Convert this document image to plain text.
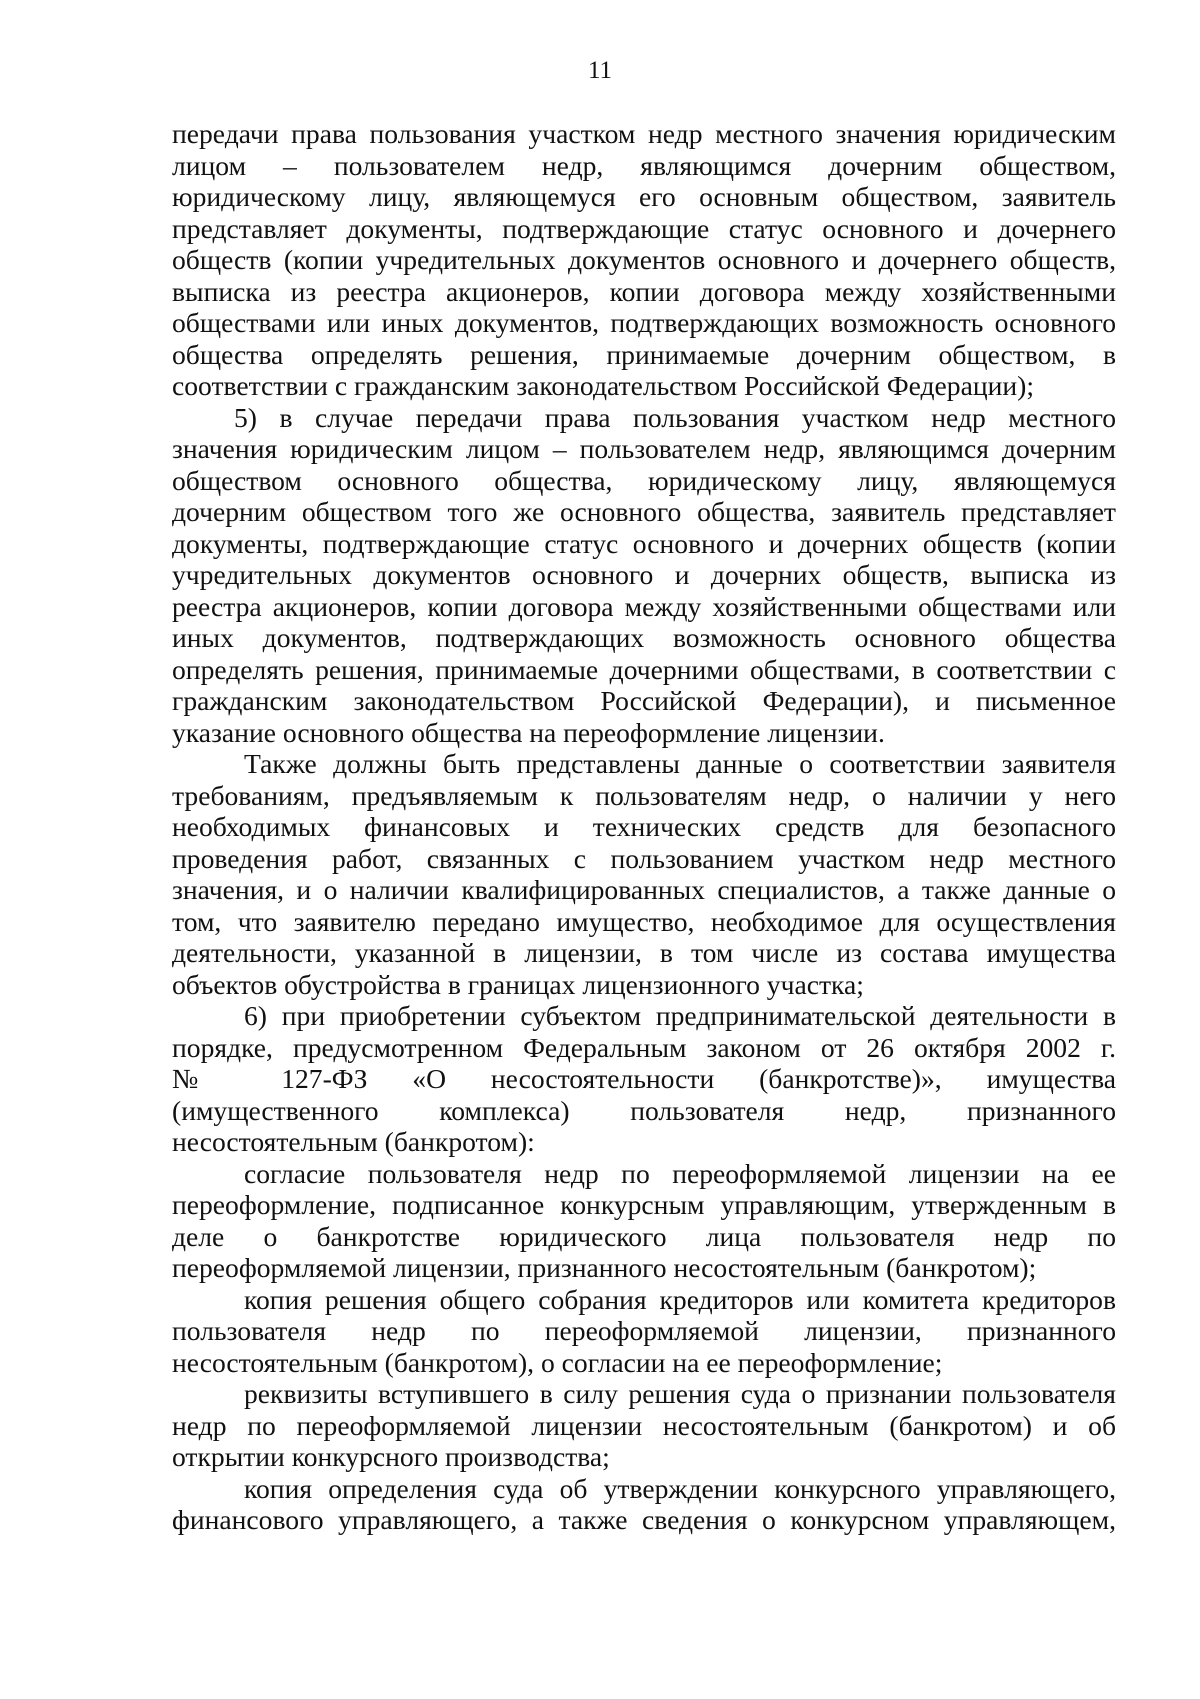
11
передачи права пользования участком недр местного значения юридическим
лицом – пользователем недр, являющимся дочерним обществом,
юридическому лицу, являющемуся его основным обществом, заявитель
представляет документы, подтверждающие статус основного и дочернего
обществ (копии учредительных документов основного и дочернего обществ,
выписка из реестра акционеров, копии договора между хозяйственными
обществами или иных документов, подтверждающих возможность основного
общества определять решения, принимаемые дочерним обществом, в
соответствии с гражданским законодательством Российской Федерации);
5) в случае передачи права пользования участком недр местного
значения юридическим лицом – пользователем недр, являющимся дочерним
обществом основного общества, юридическому лицу, являющемуся
дочерним обществом того же основного общества, заявитель представляет
документы, подтверждающие статус основного и дочерних обществ (копии
учредительных документов основного и дочерних обществ, выписка из
реестра акционеров, копии договора между хозяйственными обществами или
иных документов, подтверждающих возможность основного общества
определять решения, принимаемые дочерними обществами, в соответствии с
гражданским законодательством Российской Федерации), и письменное
указание основного общества на переоформление лицензии.
Также должны быть представлены данные о соответствии заявителя
требованиям, предъявляемым к пользователям недр, о наличии у него
необходимых финансовых и технических средств для безопасного
проведения работ, связанных с пользованием участком недр местного
значения, и о наличии квалифицированных специалистов, а также данные о
том, что заявителю передано имущество, необходимое для осуществления
деятельности, указанной в лицензии, в том числе из состава имущества
объектов обустройства в границах лицензионного участка;
6) при приобретении субъектом предпринимательской деятельности в
порядке, предусмотренном Федеральным законом от 26 октября 2002 г.
№ 127-ФЗ «О несостоятельности (банкротстве)», имущества
(имущественного комплекса) пользователя недр, признанного
несостоятельным (банкротом):
согласие пользователя недр по переоформляемой лицензии на ее
переоформление, подписанное конкурсным управляющим, утвержденным в
деле о банкротстве юридического лица пользователя недр по
переоформляемой лицензии, признанного несостоятельным (банкротом);
копия решения общего собрания кредиторов или комитета кредиторов
пользователя недр по переоформляемой лицензии, признанного
несостоятельным (банкротом), о согласии на ее переоформление;
реквизиты вступившего в силу решения суда о признании пользователя
недр по переоформляемой лицензии несостоятельным (банкротом) и об
открытии конкурсного производства;
копия определения суда об утверждении конкурсного управляющего,
финансового управляющего, а также сведения о конкурсном управляющем,
